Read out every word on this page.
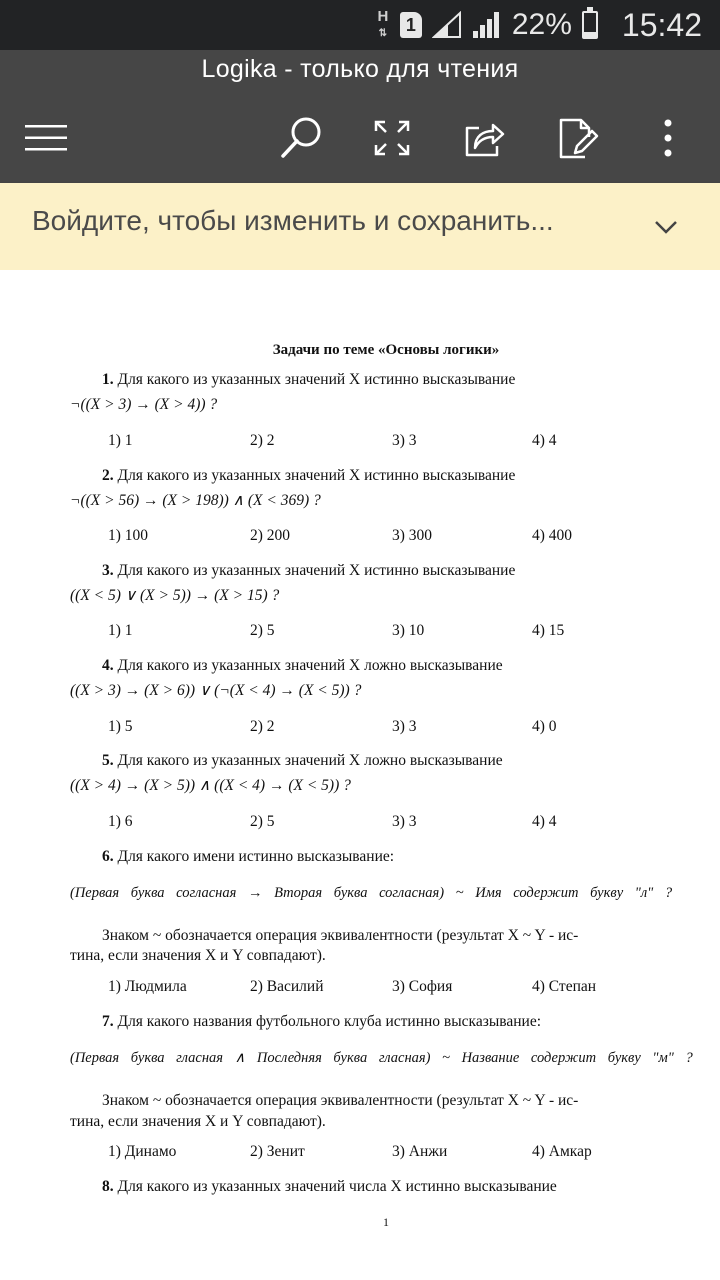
H
⇅	1	22% 15:42
Logika - только для чтения
Войдите, чтобы изменить и сохранить...
Задачи по теме «Основы логики»
1. Для какого из указанных значений X истинно высказывание
¬((X > 3) → (X > 4)) ?
1) 1	2) 2	3) 3	4) 4
2. Для какого из указанных значений X истинно высказывание
¬((X > 56) → (X > 198)) ∧ (X < 369) ?
1) 100	2) 200	3) 300	4) 400
3. Для какого из указанных значений X истинно высказывание
((X < 5) ∨ (X > 5)) → (X > 15) ?
1) 1	2) 5	3) 10	4) 15
4. Для какого из указанных значений X ложно высказывание
((X > 3) → (X > 6)) ∨ (¬(X < 4) → (X < 5)) ?
1) 5	2) 2	3) 3	4) 0
5. Для какого из указанных значений X ложно высказывание
((X > 4) → (X > 5)) ∧ ((X < 4) → (X < 5)) ?
1) 6	2) 5	3) 3	4) 4
6. Для какого имени истинно высказывание:
(Первая буква согласная → Вторая буква согласная) ~ Имя содержит букву "л" ?
Знаком ~ обозначается операция эквивалентности (результат X ~ Y - ис-
тина, если значения X и Y совпадают).
1) Людмила	2) Василий	3) София	4) Степан
7. Для какого названия футбольного клуба истинно высказывание:
(Первая буква гласная ∧ Последняя буква гласная) ~ Название содержит букву "м" ?
Знаком ~ обозначается операция эквивалентности (результат X ~ Y - ис-
тина, если значения X и Y совпадают).
1) Динамо	2) Зенит	3) Анжи	4) Амкар
8. Для какого из указанных значений числа X истинно высказывание
1
